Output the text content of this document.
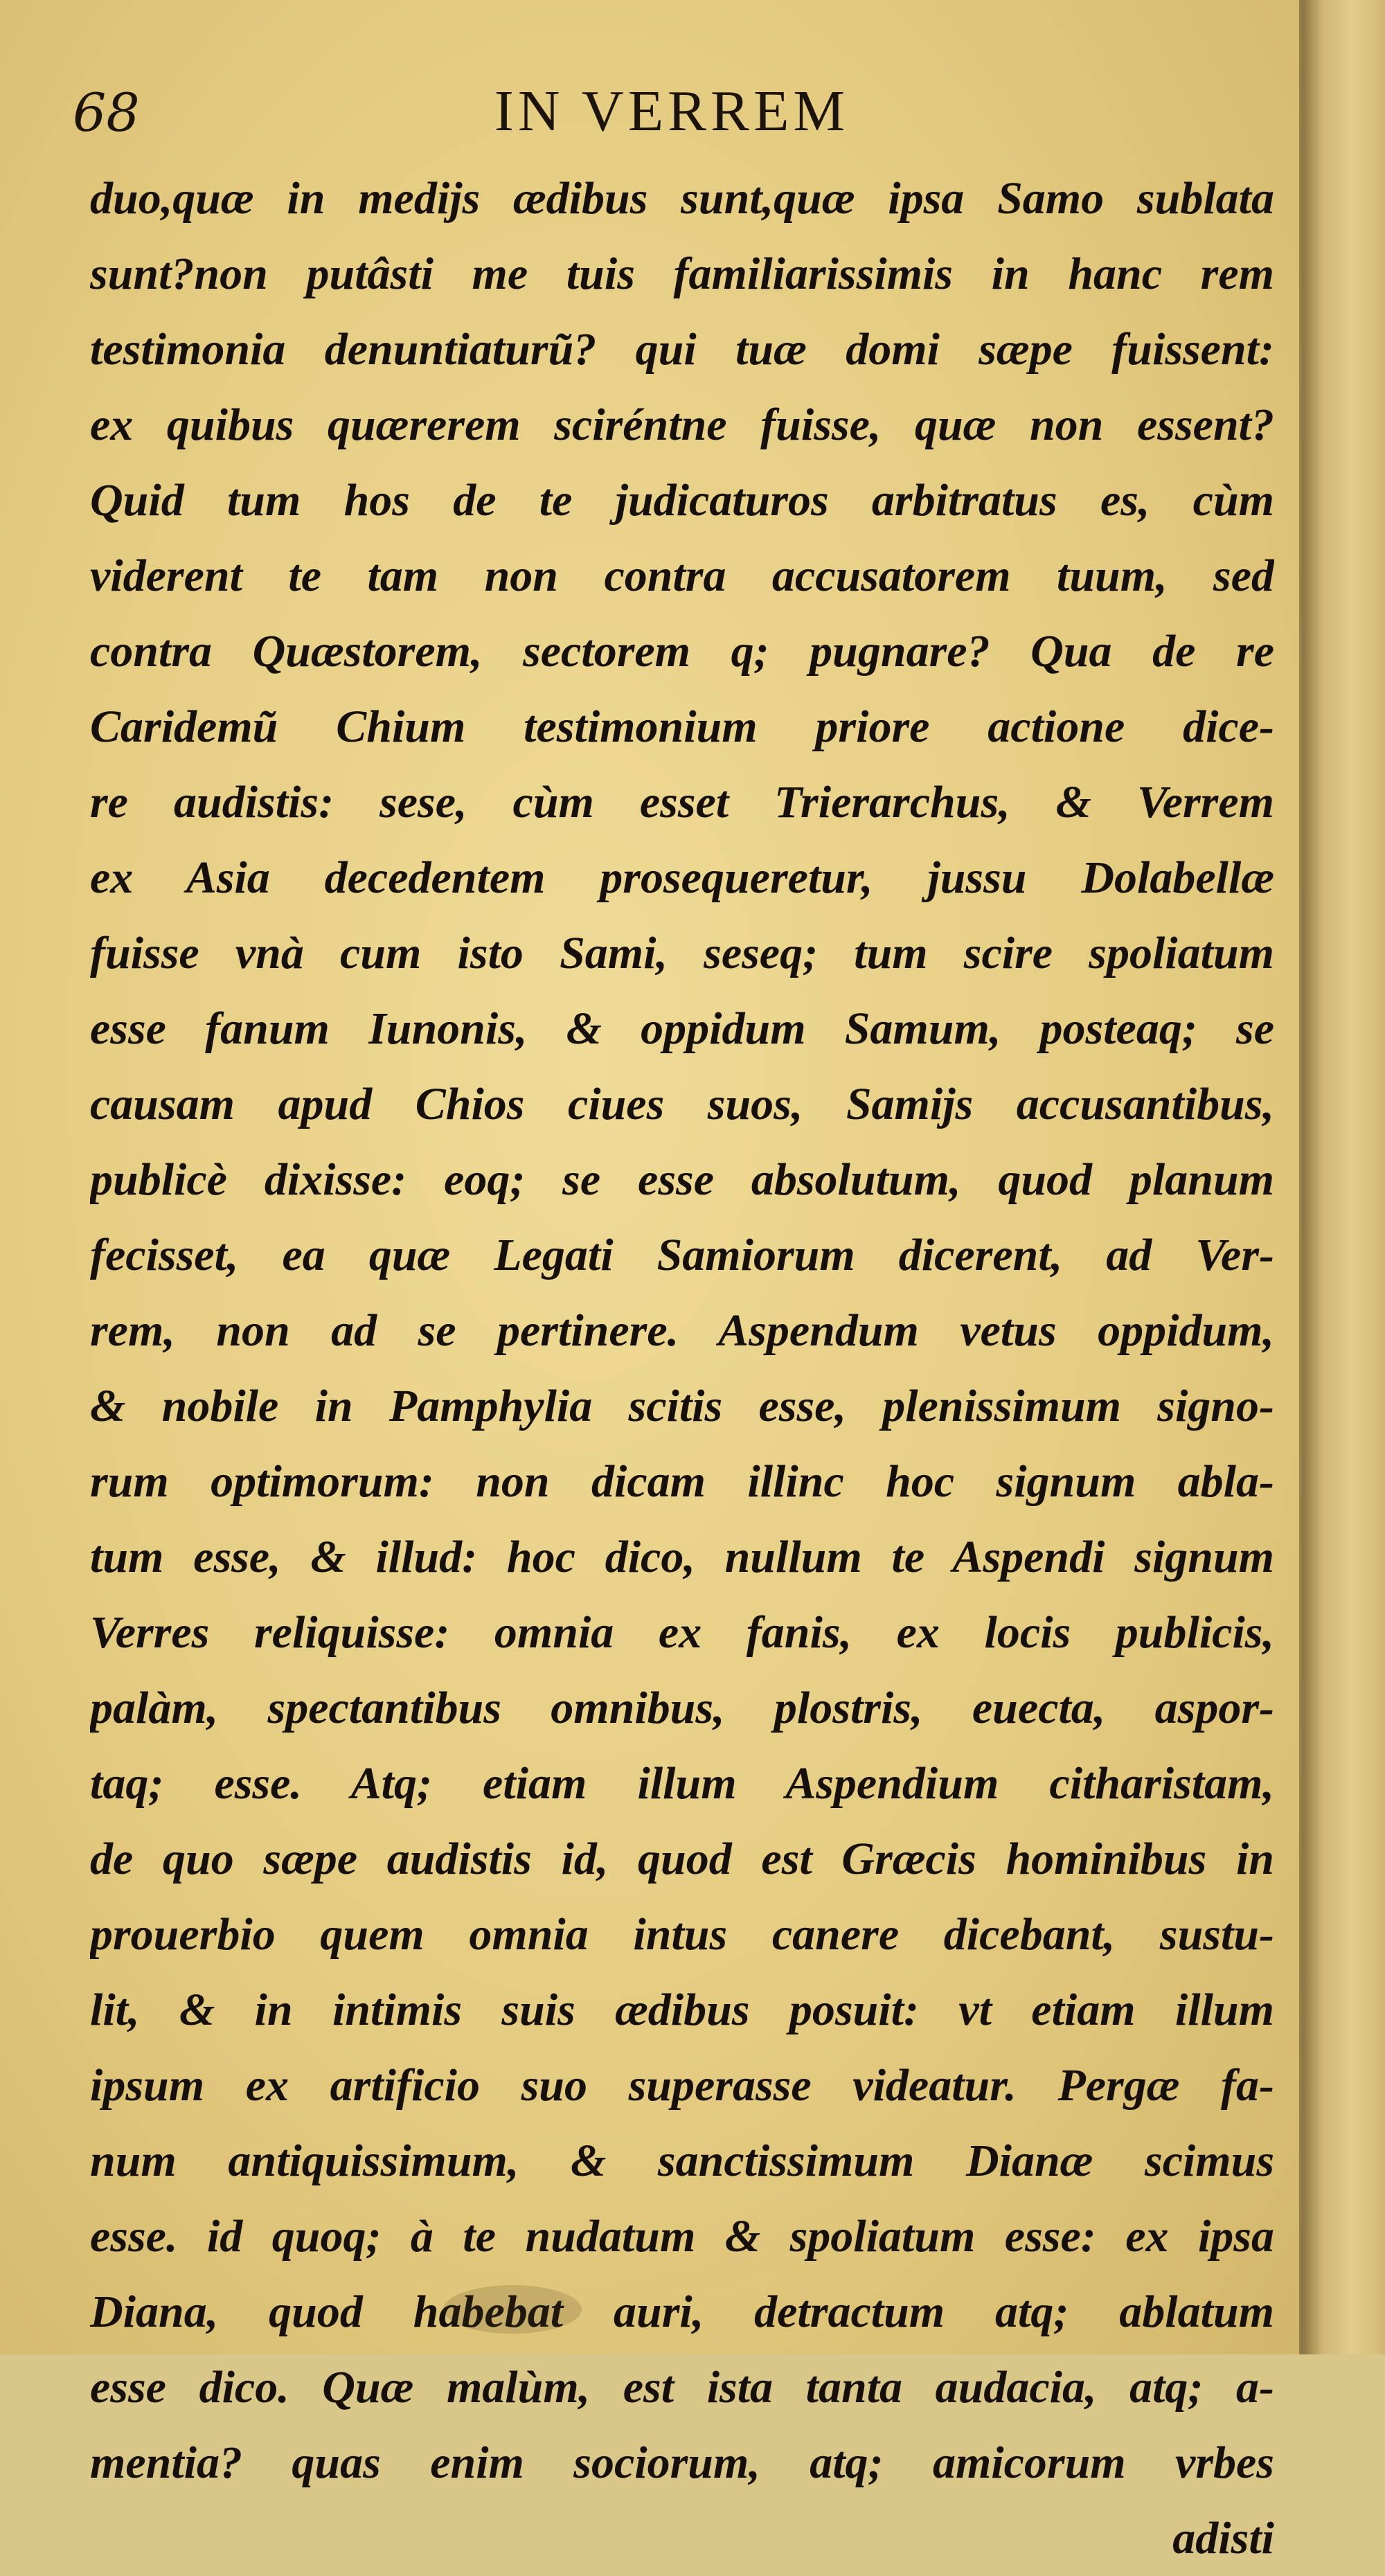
68	IN VERREM
duo,quæ in medijs ædibus sunt,quæ ipsa Samo sublata
sunt?non putâsti me tuis familiarissimis in hanc rem
testimonia denuntiaturũ? qui tuæ domi sæpe fuissent:
ex quibus quærerem sciréntne fuisse, quæ non essent?
Quid tum hos de te judicaturos arbitratus es, cùm
viderent te tam non contra accusatorem tuum, sed
contra Quæstorem, sectorem q; pugnare? Qua de re
Caridemũ Chium testimonium priore actione dice-
re audistis: sese, cùm esset Trierarchus, & Verrem
ex Asia decedentem prosequeretur, jussu Dolabellæ
fuisse vnà cum isto Sami, seseq; tum scire spoliatum
esse fanum Iunonis, & oppidum Samum, posteaq; se
causam apud Chios ciues suos, Samijs accusantibus,
publicè dixisse: eoq; se esse absolutum, quod planum
fecisset, ea quæ Legati Samiorum dicerent, ad Ver-
rem, non ad se pertinere. Aspendum vetus oppidum,
& nobile in Pamphylia scitis esse, plenissimum signo-
rum optimorum: non dicam illinc hoc signum abla-
tum esse, & illud: hoc dico, nullum te Aspendi signum
Verres reliquisse: omnia ex fanis, ex locis publicis,
palàm, spectantibus omnibus, plostris, euecta, aspor-
taq; esse. Atq; etiam illum Aspendium citharistam,
de quo sæpe audistis id, quod est Græcis hominibus in
prouerbio quem omnia intus canere dicebant, sustu-
lit, & in intimis suis ædibus posuit: vt etiam illum
ipsum ex artificio suo superasse videatur. Pergæ fa-
num antiquissimum, & sanctissimum Dianæ scimus
esse. id quoq; à te nudatum & spoliatum esse: ex ipsa
Diana, quod habebat auri, detractum atq; ablatum
esse dico. Quæ malùm, est ista tanta audacia, atq; a-
mentia? quas enim sociorum, atq; amicorum vrbes
adisti
